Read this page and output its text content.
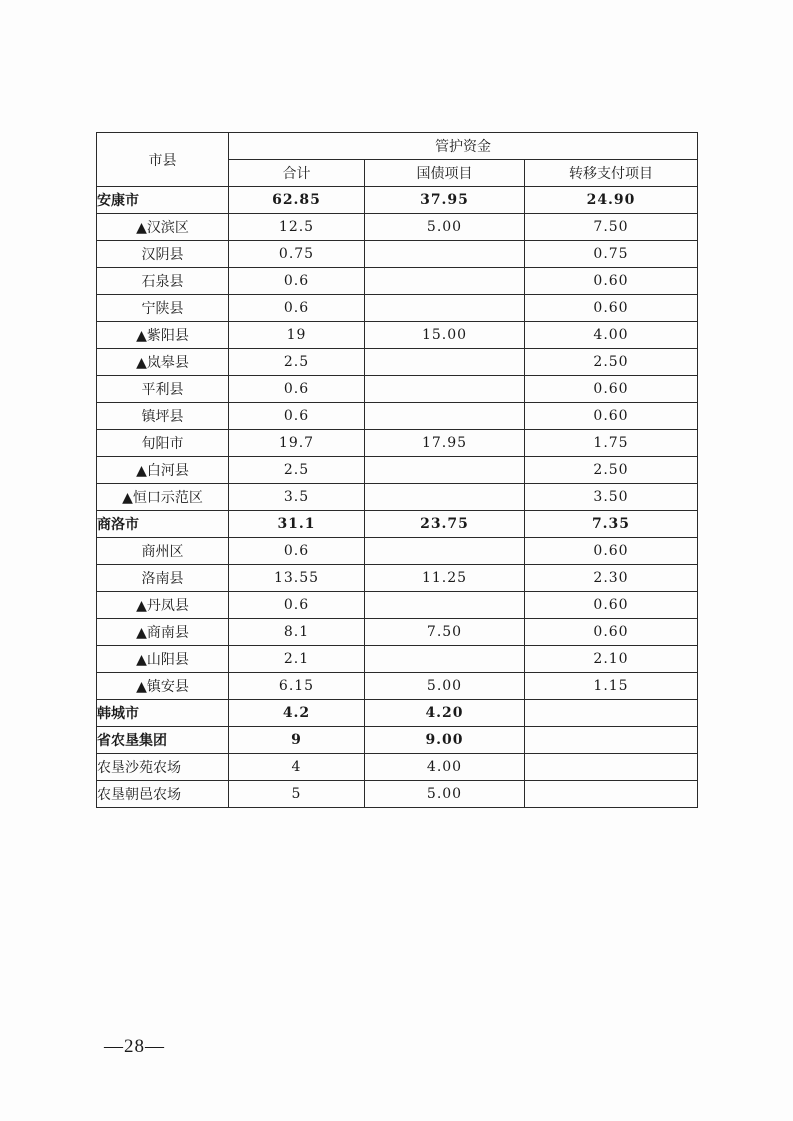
市县	管护资金		
	合计	国债项目	转移支付项目
安康市	62.85	37.95	24.90
▲汉滨区	12.5	5.00	7.50
汉阴县	0.75		0.75
石泉县	0.6		0.60
宁陕县	0.6		0.60
▲紫阳县	19	15.00	4.00
▲岚皋县	2.5		2.50
平利县	0.6		0.60
镇坪县	0.6		0.60
旬阳市	19.7	17.95	1.75
▲白河县	2.5		2.50
▲恒口示范区	3.5		3.50
商洛市	31.1	23.75	7.35
商州区	0.6		0.60
洛南县	13.55	11.25	2.30
▲丹凤县	0.6		0.60
▲商南县	8.1	7.50	0.60
▲山阳县	2.1		2.10
▲镇安县	6.15	5.00	1.15
韩城市	4.2	4.20	
省农垦集团	9	9.00	
农垦沙苑农场	4	4.00	
农垦朝邑农场	5	5.00	
—28—
